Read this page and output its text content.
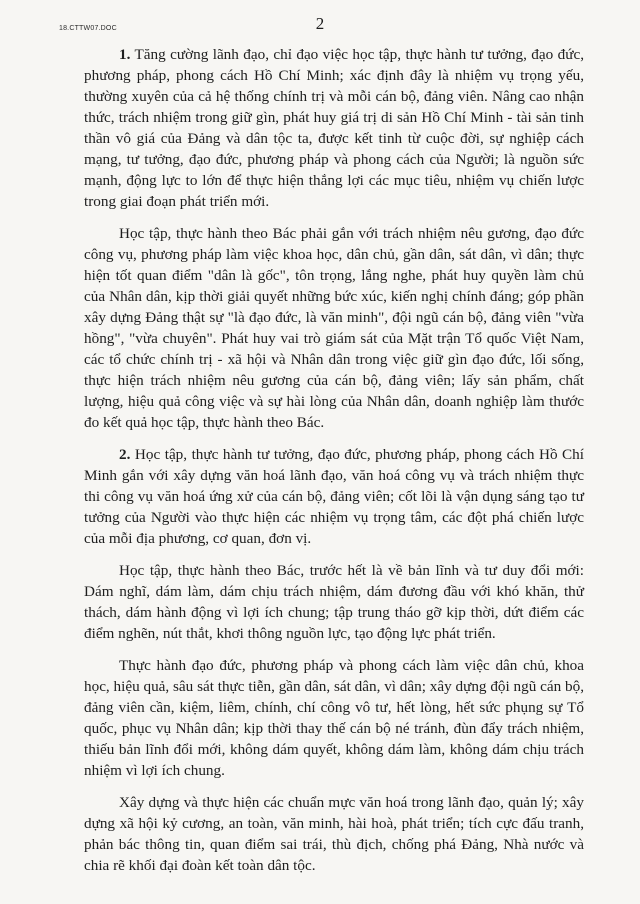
18.CTTW07.DOC	2

1. Tăng cường lãnh đạo, chỉ đạo việc học tập, thực hành tư tưởng, đạo đức, phương pháp, phong cách Hồ Chí Minh; xác định đây là nhiệm vụ trọng yếu, thường xuyên của cả hệ thống chính trị và mỗi cán bộ, đảng viên. Nâng cao nhận thức, trách nhiệm trong giữ gìn, phát huy giá trị di sản Hồ Chí Minh - tài sản tinh thần vô giá của Đảng và dân tộc ta, được kết tinh từ cuộc đời, sự nghiệp cách mạng, tư tưởng, đạo đức, phương pháp và phong cách của Người; là nguồn sức mạnh, động lực to lớn để thực hiện thắng lợi các mục tiêu, nhiệm vụ chiến lược trong giai đoạn phát triển mới.

Học tập, thực hành theo Bác phải gắn với trách nhiệm nêu gương, đạo đức công vụ, phương pháp làm việc khoa học, dân chủ, gần dân, sát dân, vì dân; thực hiện tốt quan điểm "dân là gốc", tôn trọng, lắng nghe, phát huy quyền làm chủ của Nhân dân, kịp thời giải quyết những bức xúc, kiến nghị chính đáng; góp phần xây dựng Đảng thật sự "là đạo đức, là văn minh", đội ngũ cán bộ, đảng viên "vừa hồng", "vừa chuyên". Phát huy vai trò giám sát của Mặt trận Tổ quốc Việt Nam, các tổ chức chính trị - xã hội và Nhân dân trong việc giữ gìn đạo đức, lối sống, thực hiện trách nhiệm nêu gương của cán bộ, đảng viên; lấy sản phẩm, chất lượng, hiệu quả công việc và sự hài lòng của Nhân dân, doanh nghiệp làm thước đo kết quả học tập, thực hành theo Bác.

2. Học tập, thực hành tư tưởng, đạo đức, phương pháp, phong cách Hồ Chí Minh gắn với xây dựng văn hoá lãnh đạo, văn hoá công vụ và trách nhiệm thực thi công vụ văn hoá ứng xử của cán bộ, đảng viên; cốt lõi là vận dụng sáng tạo tư tưởng của Người vào thực hiện các nhiệm vụ trọng tâm, các đột phá chiến lược của mỗi địa phương, cơ quan, đơn vị.

Học tập, thực hành theo Bác, trước hết là về bản lĩnh và tư duy đổi mới: Dám nghĩ, dám làm, dám chịu trách nhiệm, dám đương đầu với khó khăn, thử thách, dám hành động vì lợi ích chung; tập trung tháo gỡ kịp thời, dứt điểm các điểm nghẽn, nút thắt, khơi thông nguồn lực, tạo động lực phát triển.

Thực hành đạo đức, phương pháp và phong cách làm việc dân chủ, khoa học, hiệu quả, sâu sát thực tiễn, gần dân, sát dân, vì dân; xây dựng đội ngũ cán bộ, đảng viên cần, kiệm, liêm, chính, chí công vô tư, hết lòng, hết sức phụng sự Tổ quốc, phục vụ Nhân dân; kịp thời thay thế cán bộ né tránh, đùn đẩy trách nhiệm, thiếu bản lĩnh đổi mới, không dám quyết, không dám làm, không dám chịu trách nhiệm vì lợi ích chung.

Xây dựng và thực hiện các chuẩn mực văn hoá trong lãnh đạo, quản lý; xây dựng xã hội kỷ cương, an toàn, văn minh, hài hoà, phát triển; tích cực đấu tranh, phản bác thông tin, quan điểm sai trái, thù địch, chống phá Đảng, Nhà nước và chia rẽ khối đại đoàn kết toàn dân tộc.
